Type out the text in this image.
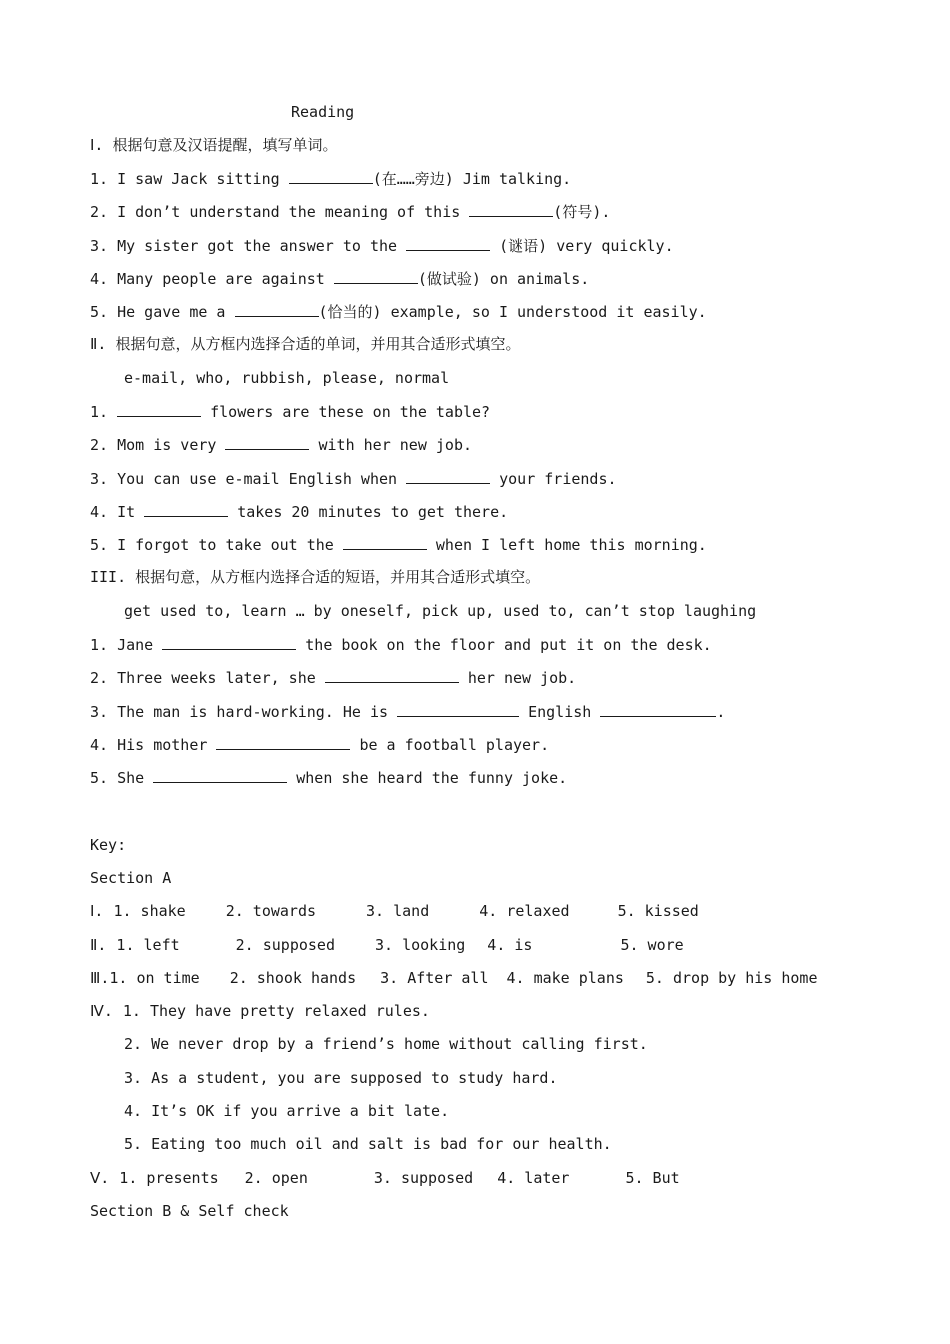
Reading
Ⅰ. 根据句意及汉语提醒，填写单词。
1. I saw Jack sitting	(在……旁边) Jim talking.
2. I don’t understand the meaning of this	(符号).
3. My sister got the answer to the	(谜语) very quickly.
4. Many people are against	(做试验) on animals.
5. He gave me a	(恰当的) example, so I understood it easily.
Ⅱ. 根据句意，从方框内选择合适的单词，并用其合适形式填空。
e-mail, who, rubbish, please, normal
1.	flowers are these on the table?
2. Mom is very	with her new job.
3. You can use e-mail English when	your friends.
4. It	takes 20 minutes to get there.
5. I forgot to take out the	when I left home this morning.
III. 根据句意，从方框内选择合适的短语，并用其合适形式填空。
get used to, learn … by oneself, pick up, used to, can’t stop laughing
1. Jane	the book on the floor and put it on the desk.
2. Three weeks later, she	her new job.
3. The man is hard-working. He is	English	.
4. His mother	be a football player.
5. She	when she heard the funny joke.
Key:
Section A
Ⅰ. 1. shake	2. towards	3. land	4. relaxed	5. kissed
Ⅱ. 1. left	2. supposed	3. looking 4. is	5. wore
Ⅲ.1. on time 2. shook hands 3. After all 4. make plans 5. drop by his home
Ⅳ. 1. They have pretty relaxed rules.
2. We never drop by a friend’s home without calling first.
3. As a student, you are supposed to study hard.
4. It’s OK if you arrive a bit late.
5. Eating too much oil and salt is bad for our health.
Ⅴ. 1. presents 2. open	3. supposed 4. later	5. But
Section B & Self check
